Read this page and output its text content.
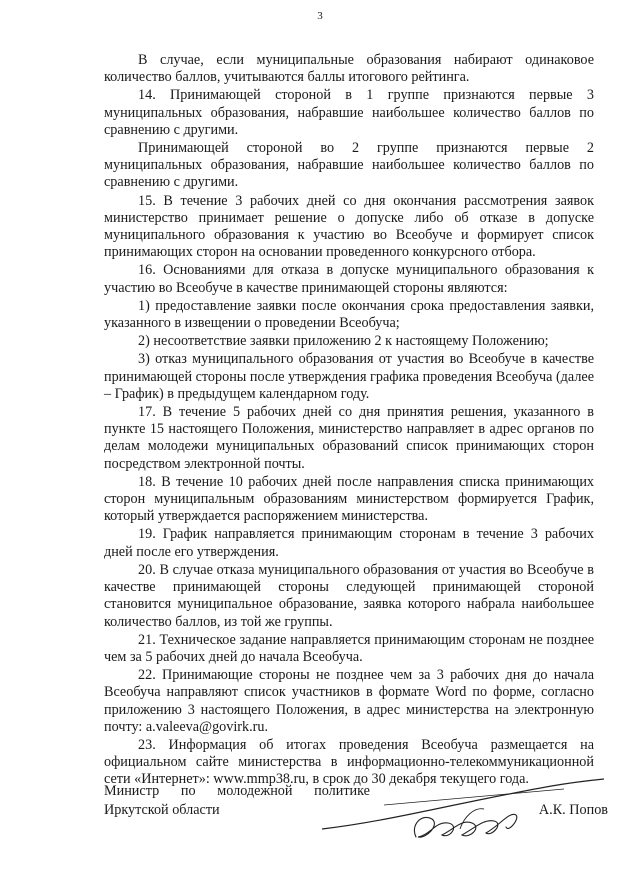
3

В случае, если муниципальные образования набирают одинаковое количество баллов, учитываются баллы итогового рейтинга.

14. Принимающей стороной в 1 группе признаются первые 3 муниципальных образования, набравшие наибольшее количество баллов по сравнению с другими.

Принимающей стороной во 2 группе признаются первые 2 муниципальных образования, набравшие наибольшее количество баллов по сравнению с другими.

15. В течение 3 рабочих дней со дня окончания рассмотрения заявок министерство принимает решение о допуске либо об отказе в допуске муниципального образования к участию во Всеобуче и формирует список принимающих сторон на основании проведенного конкурсного отбора.

16. Основаниями для отказа в допуске муниципального образования к участию во Всеобуче в качестве принимающей стороны являются:

1) предоставление заявки после окончания срока предоставления заявки, указанного в извещении о проведении Всеобуча;

2) несоответствие заявки приложению 2 к настоящему Положению;

3) отказ муниципального образования от участия во Всеобуче в качестве принимающей стороны после утверждения графика проведения Всеобуча (далее – График) в предыдущем календарном году.

17. В течение 5 рабочих дней со дня принятия решения, указанного в пункте 15 настоящего Положения, министерство направляет в адрес органов по делам молодежи муниципальных образований список принимающих сторон посредством электронной почты.

18. В течение 10 рабочих дней после направления списка принимающих сторон муниципальным образованиям министерством формируется График, который утверждается распоряжением министерства.

19. График направляется принимающим сторонам в течение 3 рабочих дней после его утверждения.

20. В случае отказа муниципального образования от участия во Всеобуче в качестве принимающей стороны следующей принимающей стороной становится муниципальное образование, заявка которого набрала наибольшее количество баллов, из той же группы.

21. Техническое задание направляется принимающим сторонам не позднее чем за 5 рабочих дней до начала Всеобуча.

22. Принимающие стороны не позднее чем за 3 рабочих дня до начала Всеобуча направляют список участников в формате Word по форме, согласно приложению 3 настоящего Положения, в адрес министерства на электронную почту: a.valeeva@govirk.ru.

23. Информация об итогах проведения Всеобуча размещается на официальном сайте министерства в информационно-телекоммуникационной сети «Интернет»: www.mmp38.ru, в срок до 30 декабря текущего года.

Министр по молодежной политике
Иркутской области	А.К. Попов
